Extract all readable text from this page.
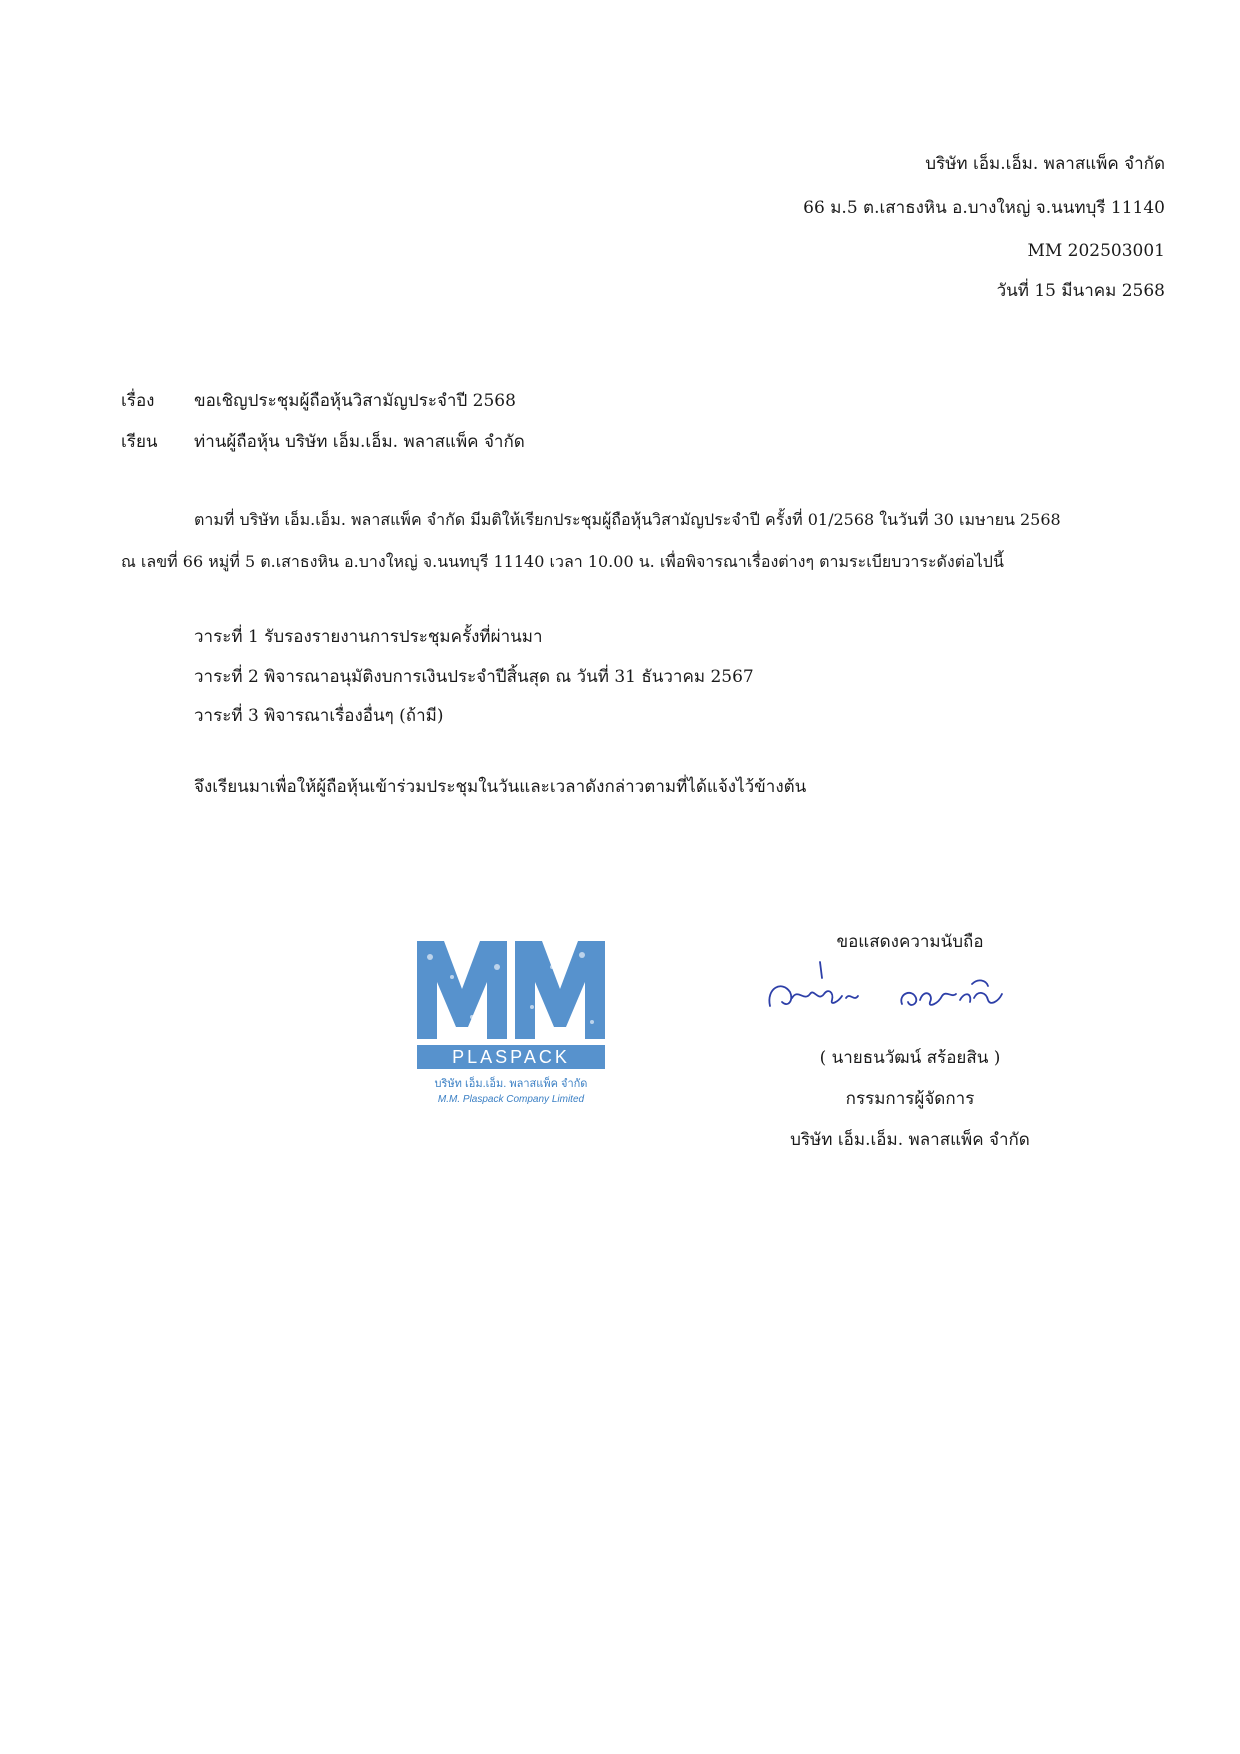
บริษัท เอ็ม.เอ็ม. พลาสแพ็ค จำกัด
66 ม.5 ต.เสาธงหิน อ.บางใหญ่ จ.นนทบุรี 11140
MM 202503001
วันที่ 15 มีนาคม 2568
เรื่อง ขอเชิญประชุมผู้ถือหุ้นวิสามัญประจำปี 2568
เรียน ท่านผู้ถือหุ้น บริษัท เอ็ม.เอ็ม. พลาสแพ็ค จำกัด
ตามที่ บริษัท เอ็ม.เอ็ม. พลาสแพ็ค จำกัด มีมติให้เรียกประชุมผู้ถือหุ้นวิสามัญประจำปี ครั้งที่ 01/2568 ในวันที่ 30 เมษายน 2568
ณ เลขที่ 66 หมู่ที่ 5 ต.เสาธงหิน อ.บางใหญ่ จ.นนทบุรี 11140 เวลา 10.00 น. เพื่อพิจารณาเรื่องต่างๆ ตามระเบียบวาระดังต่อไปนี้
วาระที่ 1 รับรองรายงานการประชุมครั้งที่ผ่านมา
วาระที่ 2 พิจารณาอนุมัติงบการเงินประจำปีสิ้นสุด ณ วันที่ 31 ธันวาคม 2567
วาระที่ 3 พิจารณาเรื่องอื่นๆ (ถ้ามี)
จึงเรียนมาเพื่อให้ผู้ถือหุ้นเข้าร่วมประชุมในวันและเวลาดังกล่าวตามที่ได้แจ้งไว้ข้างต้น
PLASPACK
บริษัท เอ็ม.เอ็ม. พลาสแพ็ค จำกัด
M.M. Plaspack Company Limited
ขอแสดงความนับถือ
( นายธนวัฒน์ สร้อยสิน )
กรรมการผู้จัดการ
บริษัท เอ็ม.เอ็ม. พลาสแพ็ค จำกัด
